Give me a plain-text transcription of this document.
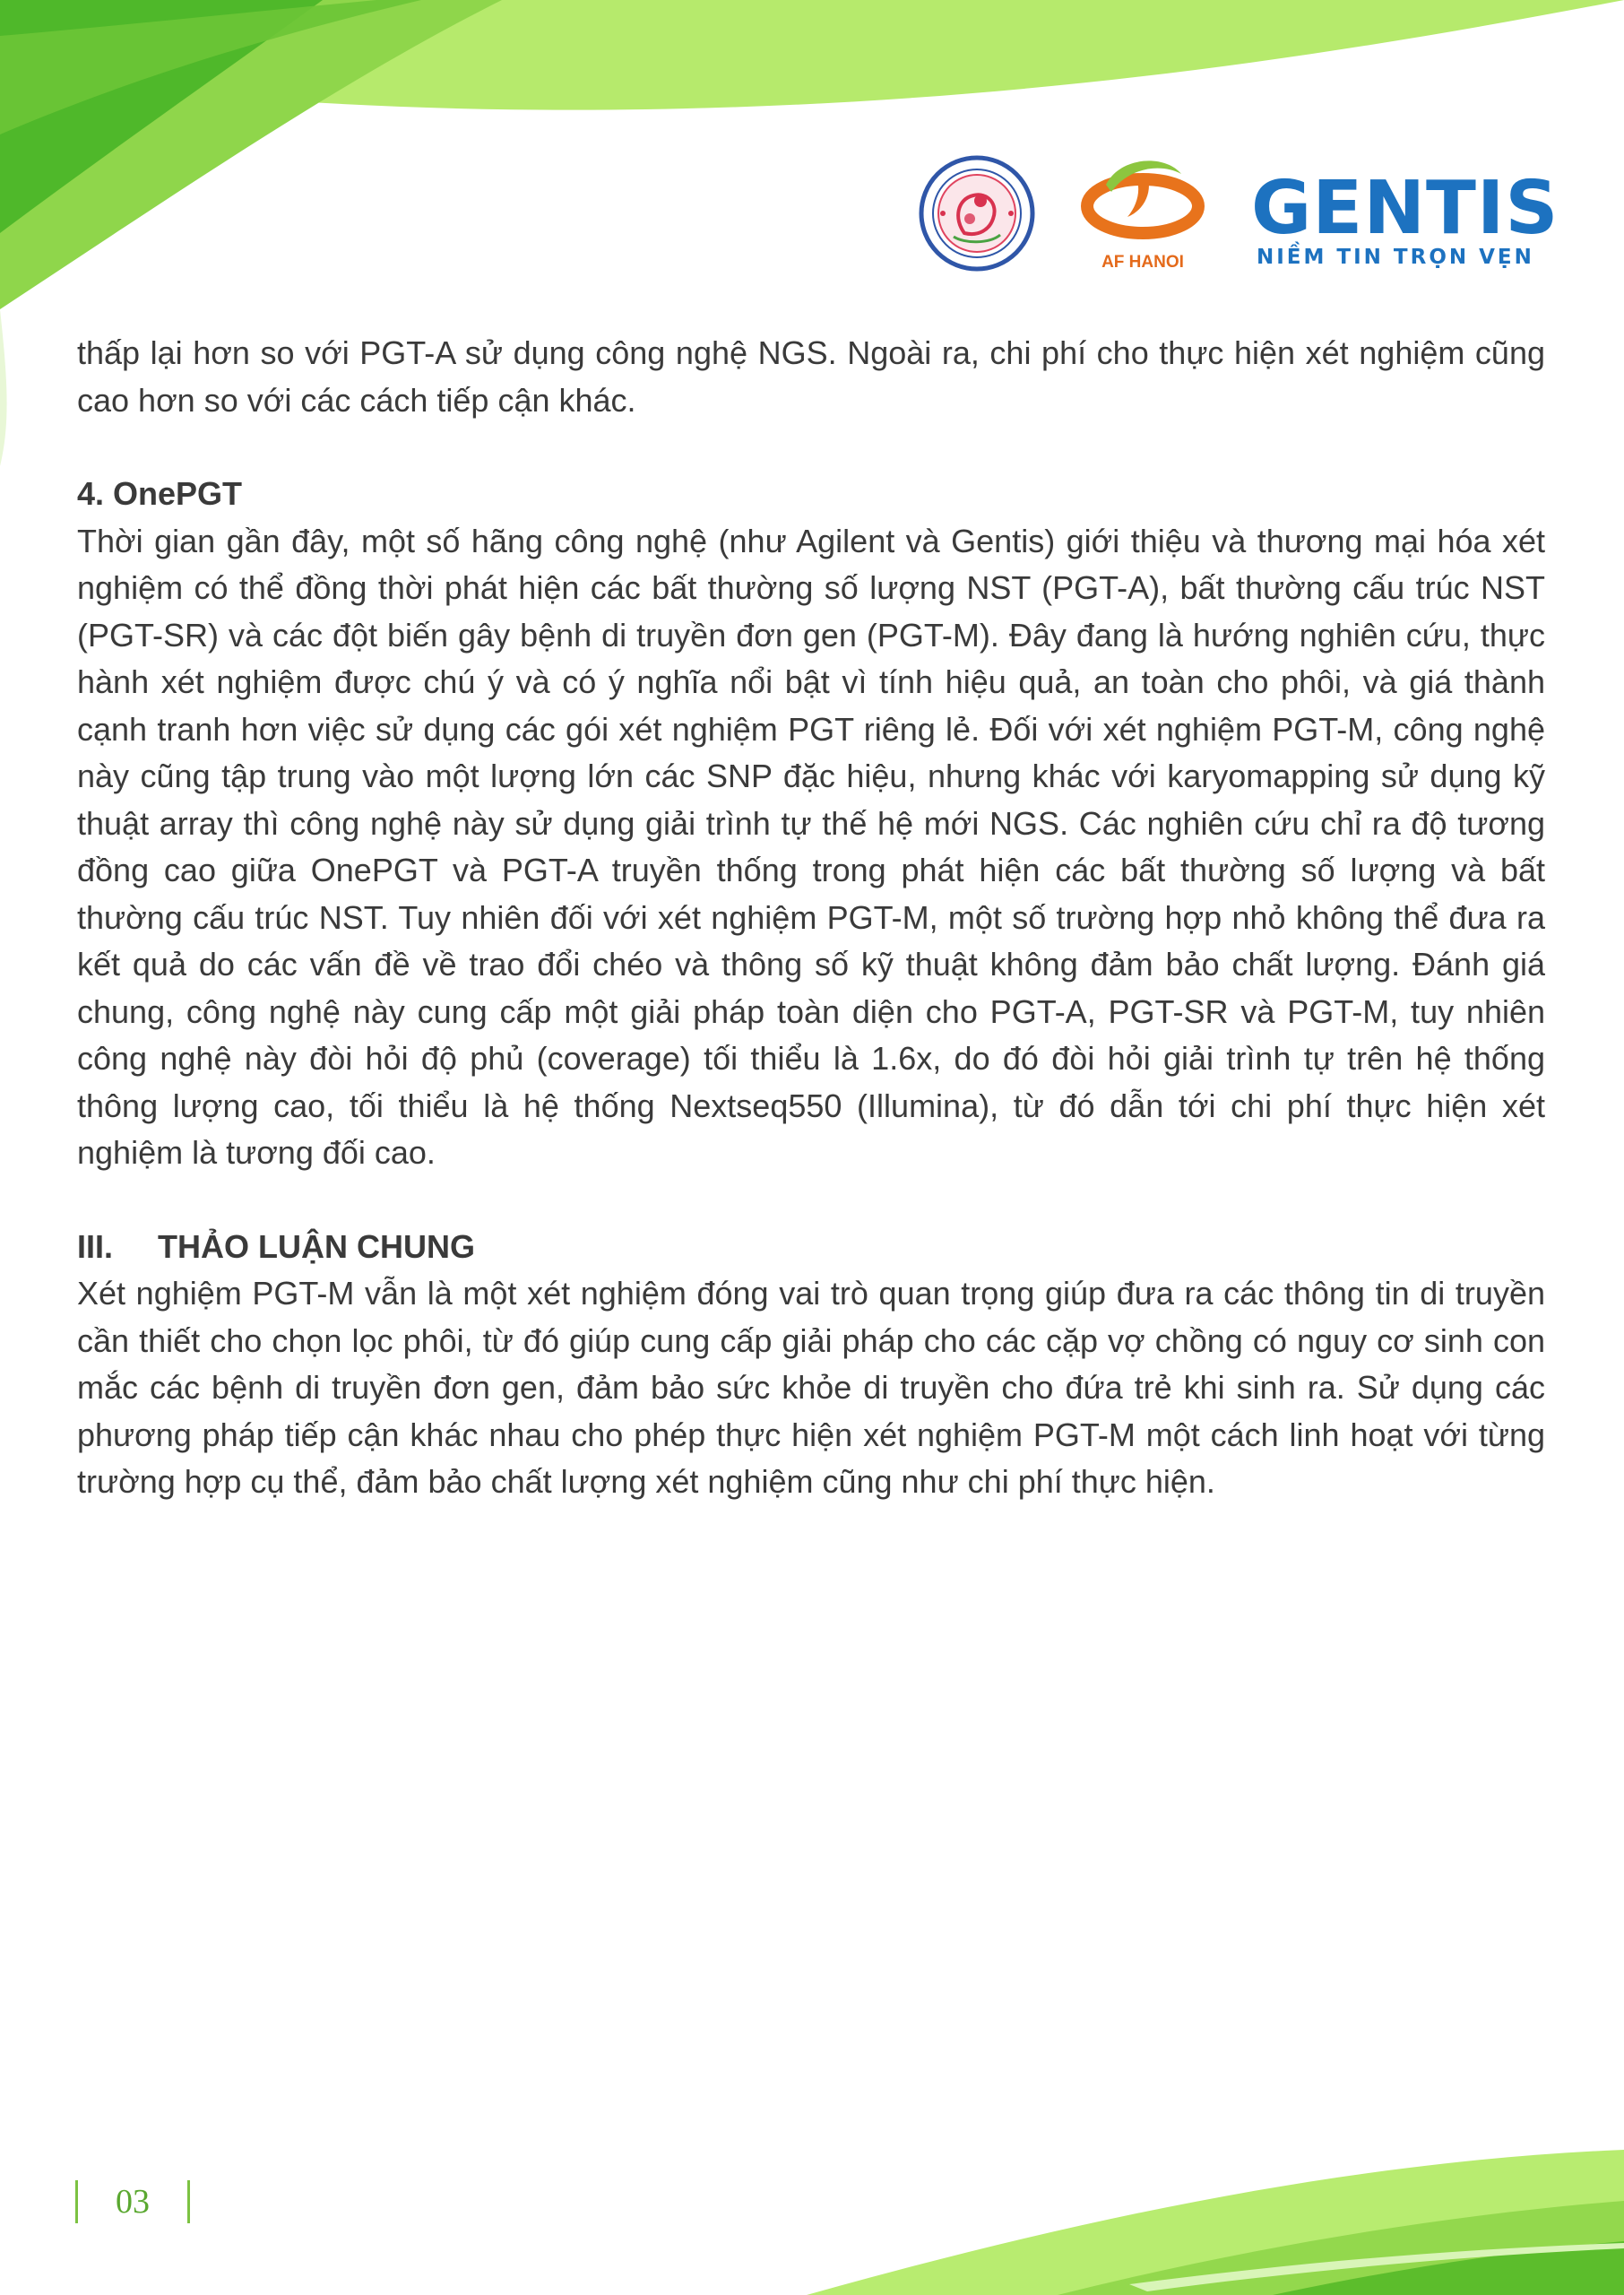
AF HANOI
GENTIS
NIỀM TIN TRỌN VẸN

thấp lại hơn so với PGT-A sử dụng công nghệ NGS. Ngoài ra, chi phí cho thực hiện xét nghiệm cũng cao hơn so với các cách tiếp cận khác.

4. OnePGT

Thời gian gần đây, một số hãng công nghệ (như Agilent và Gentis) giới thiệu và thương mại hóa xét nghiệm có thể đồng thời phát hiện các bất thường số lượng NST (PGT-A), bất thường cấu trúc NST (PGT-SR) và các đột biến gây bệnh di truyền đơn gen (PGT-M). Đây đang là hướng nghiên cứu, thực hành xét nghiệm được chú ý và có ý nghĩa nổi bật vì tính hiệu quả, an toàn cho phôi, và giá thành cạnh tranh hơn việc sử dụng các gói xét nghiệm PGT riêng lẻ. Đối với xét nghiệm PGT-M, công nghệ này cũng tập trung vào một lượng lớn các SNP đặc hiệu, nhưng khác với karyomapping sử dụng kỹ thuật array thì công nghệ này sử dụng giải trình tự thế hệ mới NGS. Các nghiên cứu chỉ ra độ tương đồng cao giữa OnePGT và PGT-A truyền thống trong phát hiện các bất thường số lượng và bất thường cấu trúc NST. Tuy nhiên đối với xét nghiệm PGT-M, một số trường hợp nhỏ không thể đưa ra kết quả do các vấn đề về trao đổi chéo và thông số kỹ thuật không đảm bảo chất lượng. Đánh giá chung, công nghệ này cung cấp một giải pháp toàn diện cho PGT-A, PGT-SR và PGT-M, tuy nhiên công nghệ này đòi hỏi độ phủ (coverage) tối thiểu là 1.6x, do đó đòi hỏi giải trình tự trên hệ thống thông lượng cao, tối thiểu là hệ thống Nextseq550 (Illumina), từ đó dẫn tới chi phí thực hiện xét nghiệm là tương đối cao.

III. THẢO LUẬN CHUNG

Xét nghiệm PGT-M vẫn là một xét nghiệm đóng vai trò quan trọng giúp đưa ra các thông tin di truyền cần thiết cho chọn lọc phôi, từ đó giúp cung cấp giải pháp cho các cặp vợ chồng có nguy cơ sinh con mắc các bệnh di truyền đơn gen, đảm bảo sức khỏe di truyền cho đứa trẻ khi sinh ra. Sử dụng các phương pháp tiếp cận khác nhau cho phép thực hiện xét nghiệm PGT-M một cách linh hoạt với từng trường hợp cụ thể, đảm bảo chất lượng xét nghiệm cũng như chi phí thực hiện.

03
